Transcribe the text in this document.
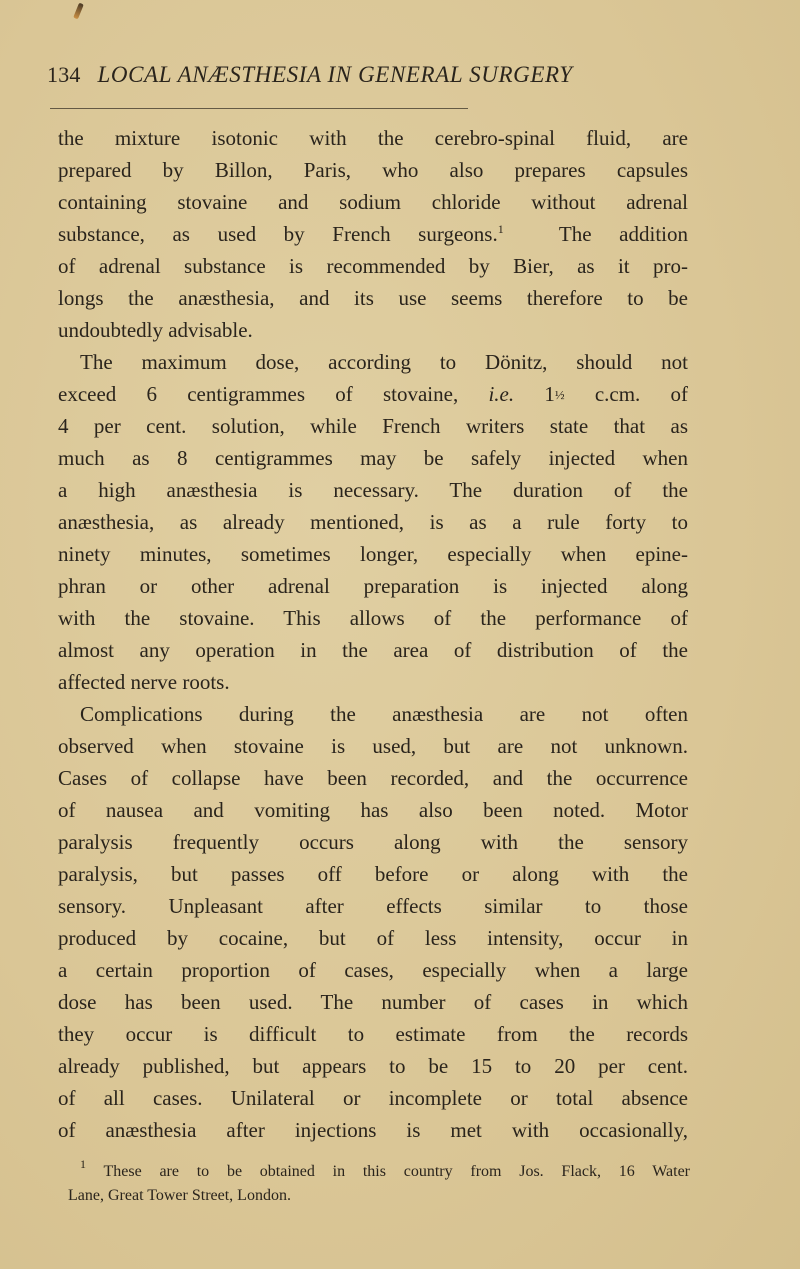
134 LOCAL ANÆSTHESIA IN GENERAL SURGERY
the mixture isotonic with the cerebro-spinal fluid, are
prepared by Billon, Paris, who also prepares capsules
containing stovaine and sodium chloride without adrenal
substance, as used by French surgeons.$^1$	The addition
of adrenal substance is recommended by Bier, as it pro-
longs the anæsthesia, and its use seems therefore to be
undoubtedly advisable.
The maximum dose, according to Dönitz, should not
exceed 6 centigrammes of stovaine, i.e. 1½ c.cm. of
4 per cent. solution, while French writers state that as
much as 8 centigrammes may be safely injected when
a high anæsthesia is necessary. The duration of the
anæsthesia, as already mentioned, is as a rule forty to
ninety minutes, sometimes longer, especially when epine-
phran or other adrenal preparation is injected along
with the stovaine. This allows of the performance of
almost any operation in the area of distribution of the
affected nerve roots.
Complications during the anæsthesia are not often
observed when stovaine is used, but are not unknown.
Cases of collapse have been recorded, and the occurrence
of nausea and vomiting has also been noted. Motor
paralysis frequently occurs along with the sensory
paralysis, but passes off before or along with the
sensory. Unpleasant after effects similar to those
produced by cocaine, but of less intensity, occur in
a certain proportion of cases, especially when a large
dose has been used. The number of cases in which
they occur is difficult to estimate from the records
already published, but appears to be 15 to 20 per cent.
of all cases. Unilateral or incomplete or total absence
of anæsthesia after injections is met with occasionally,
$^1$ These are to be obtained in this country from Jos. Flack, 16 Water
Lane, Great Tower Street, London.
